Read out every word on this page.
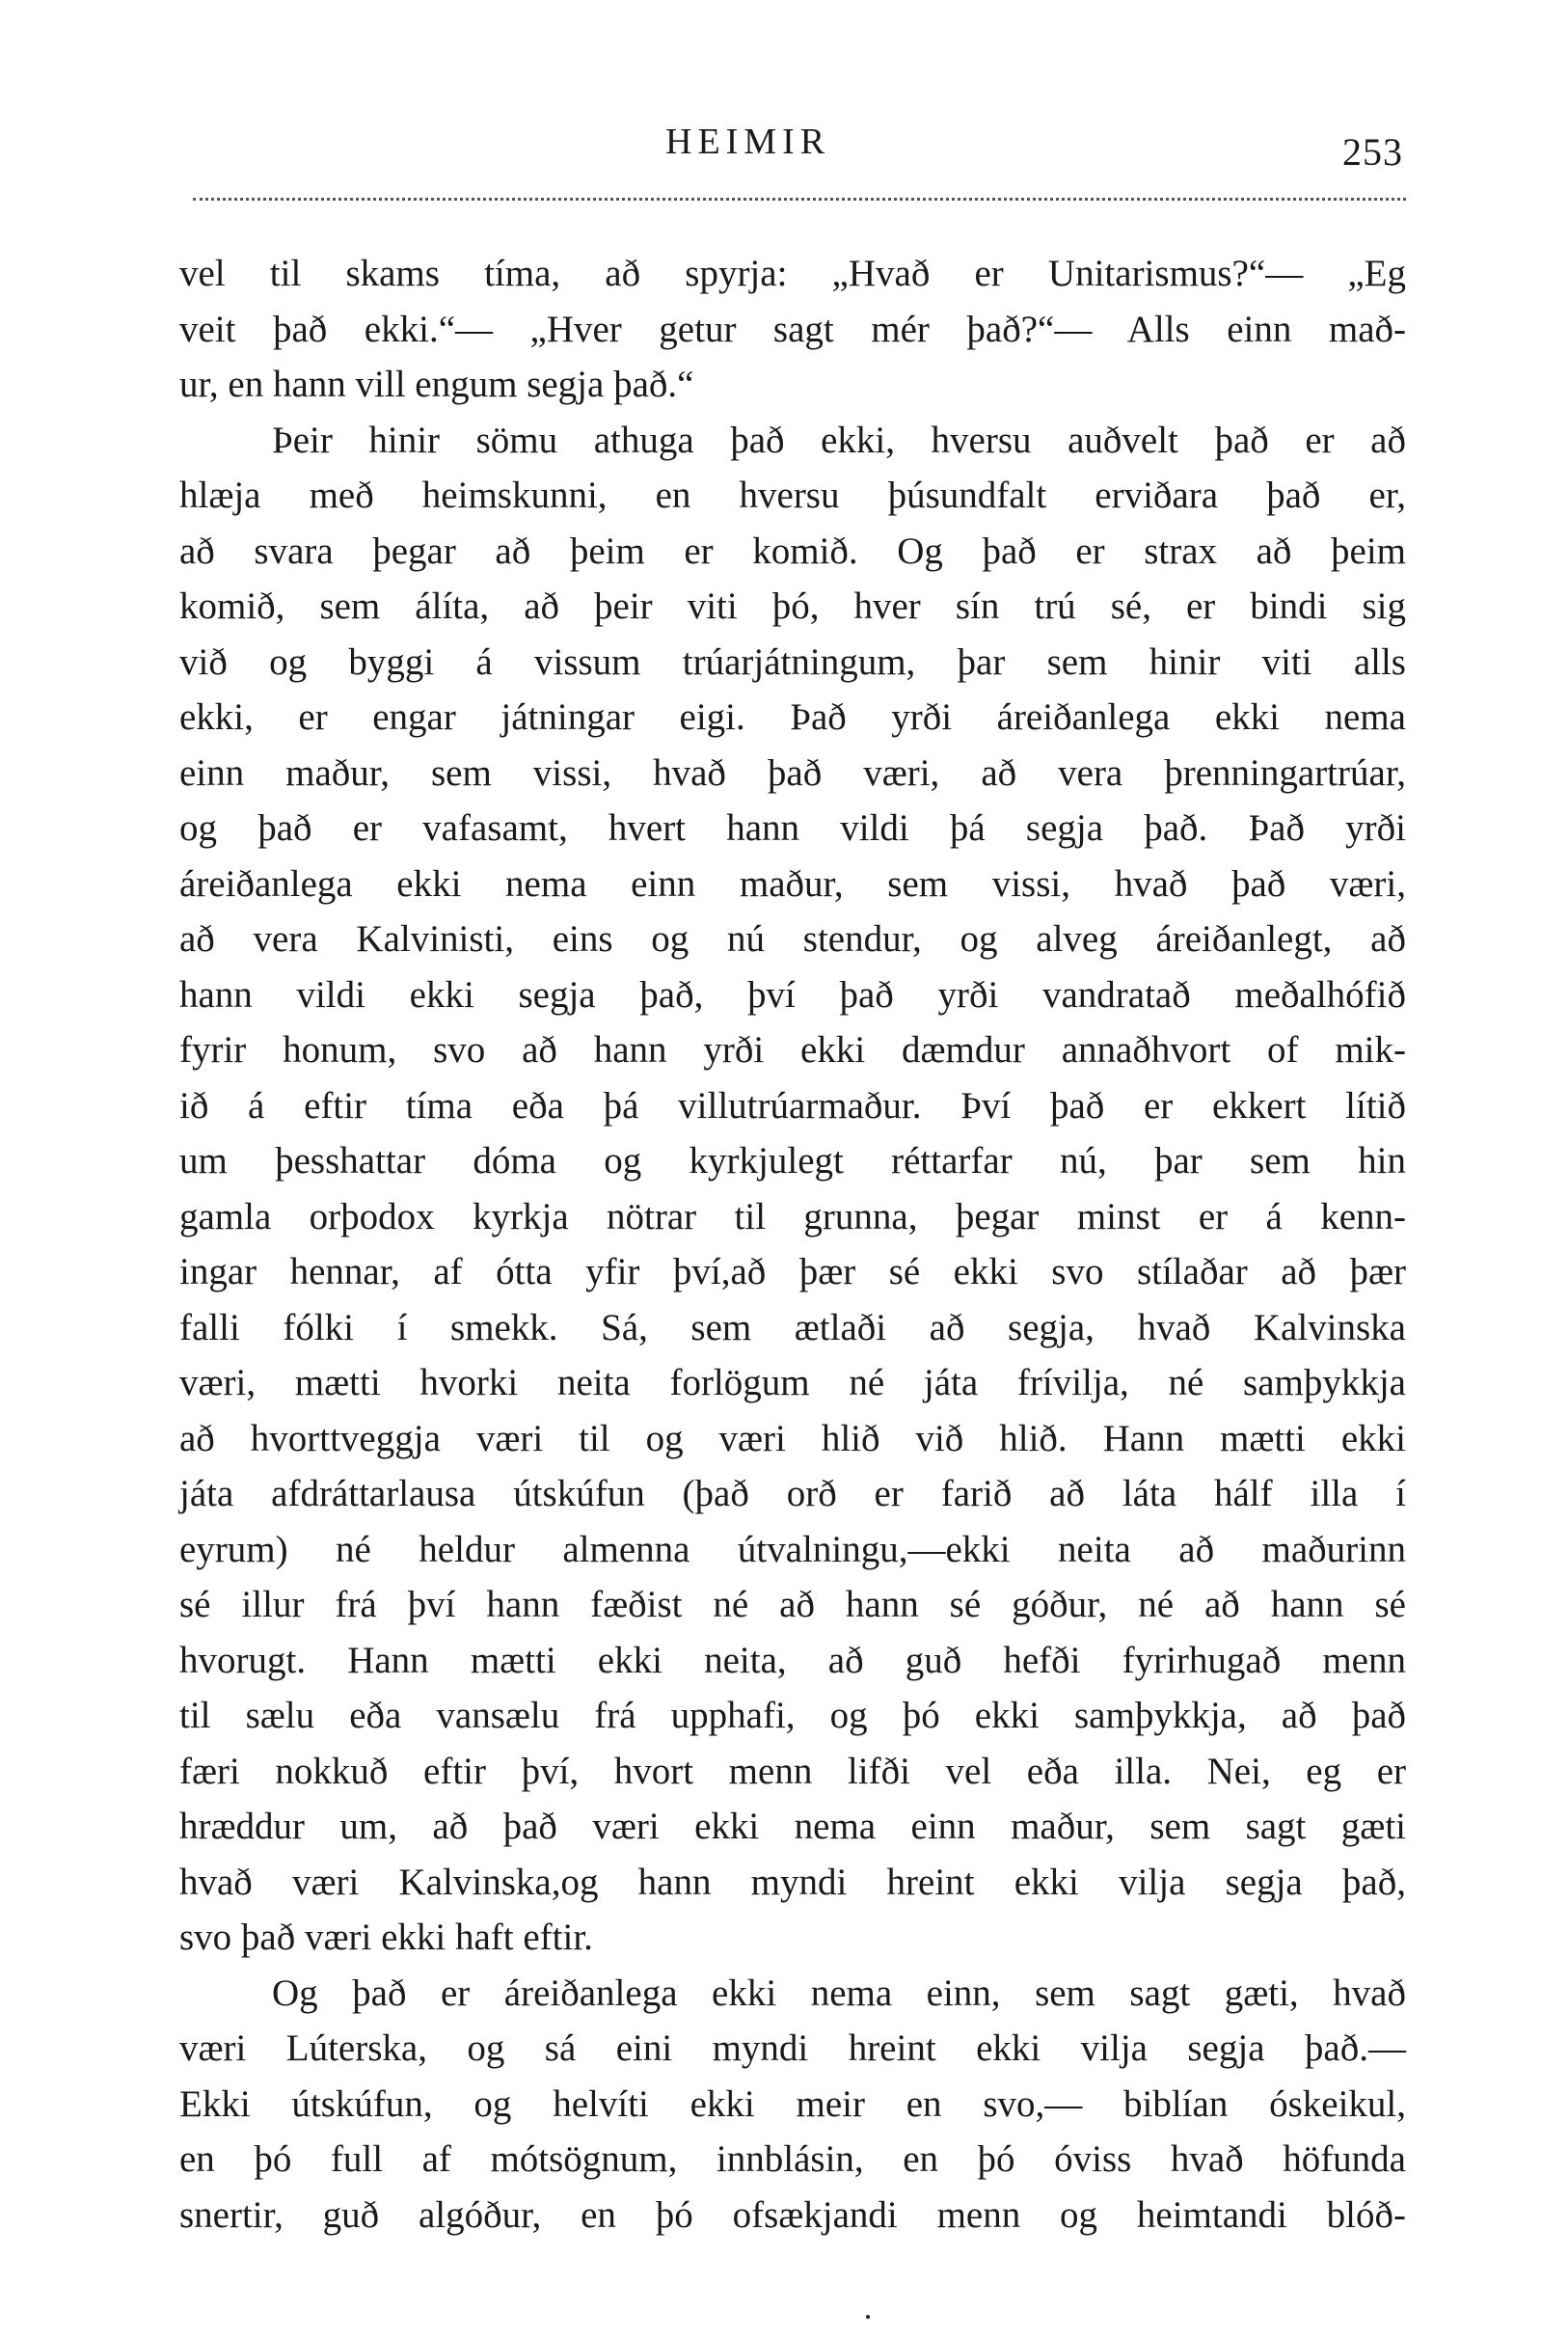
HEIMIR	253
vel til skams tíma, að spyrja: „Hvað er Unitarismus?“— „Eg
veit það ekki.“— „Hver getur sagt mér það?“— Alls einn mað-
ur, en hann vill engum segja það.“
Þeir hinir sömu athuga það ekki, hversu auðvelt það er að
hlæja með heimskunni, en hversu þúsundfalt erviðara það er,
að svara þegar að þeim er komið. Og það er strax að þeim
komið, sem álíta, að þeir viti þó, hver sín trú sé, er bindi sig
við og byggi á vissum trúarjátningum, þar sem hinir viti alls
ekki, er engar játningar eigi. Það yrði áreiðanlega ekki nema
einn maður, sem vissi, hvað það væri, að vera þrenningartrúar,
og það er vafasamt, hvert hann vildi þá segja það. Það yrði
áreiðanlega ekki nema einn maður, sem vissi, hvað það væri,
að vera Kalvinisti, eins og nú stendur, og alveg áreiðanlegt, að
hann vildi ekki segja það, því það yrði vandratað meðalhófið
fyrir honum, svo að hann yrði ekki dæmdur annaðhvort of mik-
ið á eftir tíma eða þá villutrúarmaður. Því það er ekkert lítið
um þesshattar dóma og kyrkjulegt réttarfar nú, þar sem hin
gamla orþodox kyrkja nötrar til grunna, þegar minst er á kenn-
ingar hennar, af ótta yfir því,að þær sé ekki svo stílaðar að þær
falli fólki í smekk. Sá, sem ætlaði að segja, hvað Kalvinska
væri, mætti hvorki neita forlögum né játa frívilja, né samþykkja
að hvorttveggja væri til og væri hlið við hlið. Hann mætti ekki
játa afdráttarlausa útskúfun (það orð er farið að láta hálf illa í
eyrum) né heldur almenna útvalningu,—ekki neita að maðurinn
sé illur frá því hann fæðist né að hann sé góður, né að hann sé
hvorugt. Hann mætti ekki neita, að guð hefði fyrirhugað menn
til sælu eða vansælu frá upphafi, og þó ekki samþykkja, að það
færi nokkuð eftir því, hvort menn lifði vel eða illa. Nei, eg er
hræddur um, að það væri ekki nema einn maður, sem sagt gæti
hvað væri Kalvinska,og hann myndi hreint ekki vilja segja það,
svo það væri ekki haft eftir.
Og það er áreiðanlega ekki nema einn, sem sagt gæti, hvað
væri Lúterska, og sá eini myndi hreint ekki vilja segja það.—
Ekki útskúfun, og helvíti ekki meir en svo,— biblían óskeikul,
en þó full af mótsögnum, innblásin, en þó óviss hvað höfunda
snertir, guð algóður, en þó ofsækjandi menn og heimtandi blóð-
